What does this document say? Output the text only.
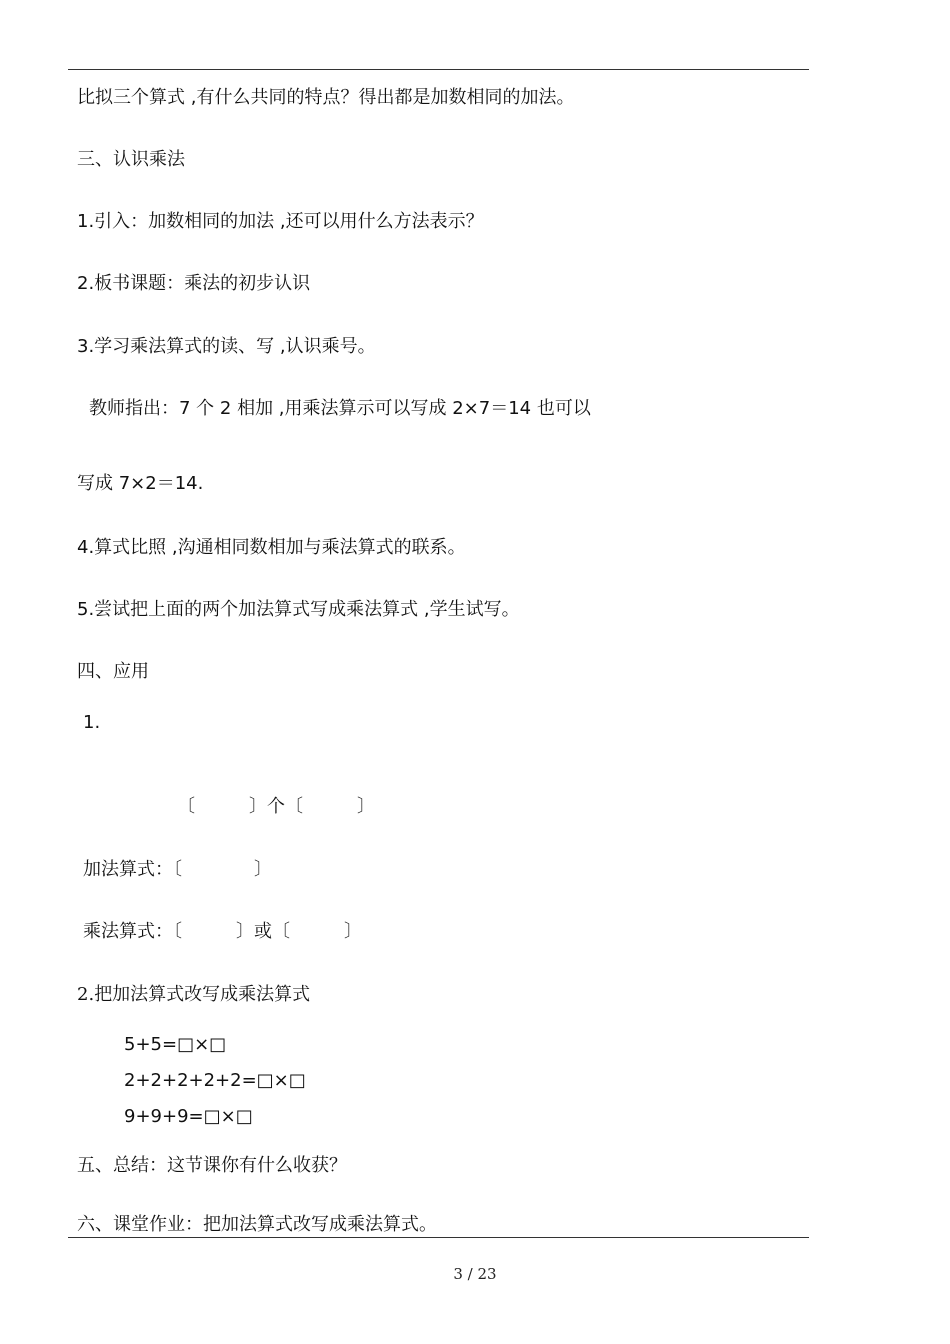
比拟三个算式 ,有什么共同的特点？得出都是加数相同的加法。
三、认识乘法
1.引入：加数相同的加法 ,还可以用什么方法表示？
2.板书课题：乘法的初步认识
3.学习乘法算式的读、写 ,认识乘号。
教师指出：7 个 2 相加 ,用乘法算示可以写成 2×7＝14 也可以
写成 7×2＝14.
4.算式比照 ,沟通相同数相加与乘法算式的联系。
5.尝试把上面的两个加法算式写成乘法算式 ,学生试写。
四、应用
1.
〔　　　〕个〔　　　〕
加法算式：〔　　　　〕
乘法算式：〔　　　〕或〔　　　〕
2.把加法算式改写成乘法算式
5+5=□×□
2+2+2+2+2=□×□
9+9+9=□×□
五、总结：这节课你有什么收获？
六、课堂作业：把加法算式改写成乘法算式。
3 / 23
